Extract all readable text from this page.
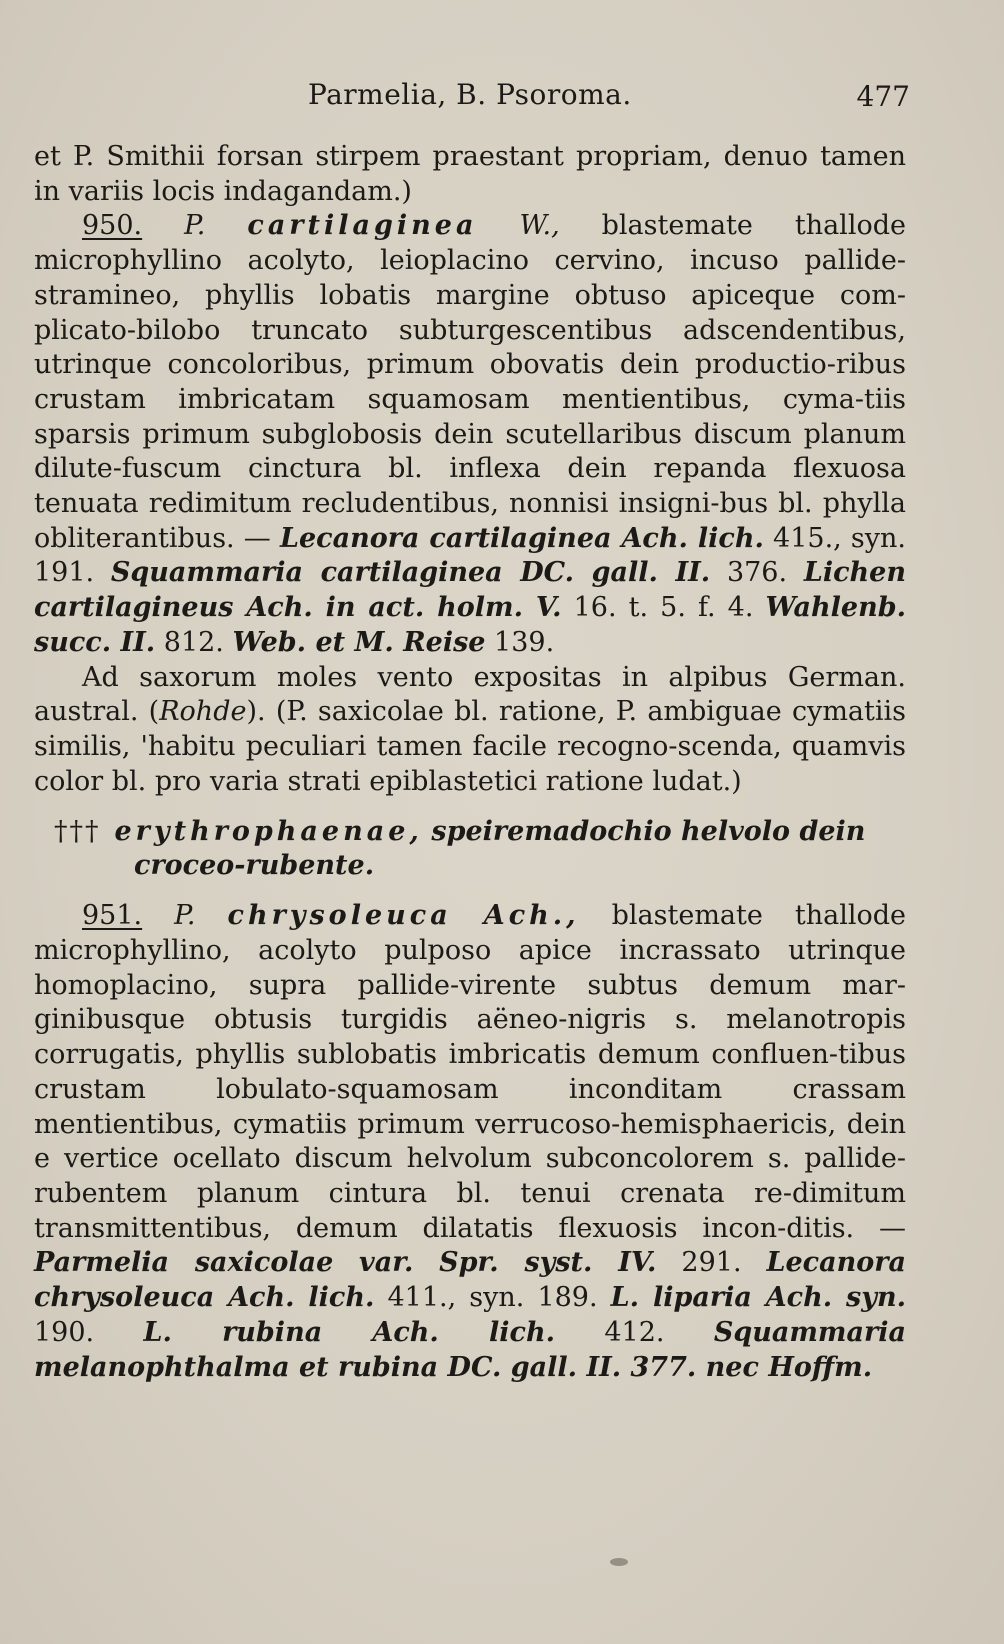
Parmelia, B. Psoroma.	477

et P. Smithii forsan stirpem praestant propriam, denuo tamen in variis locis indagandam.)

950. P. cartilaginea W., blastemate thallode microphyllino acolyto, leioplacino cervino, incuso pallide-stramineo, phyllis lobatis margine obtuso apiceque com-plicato-bilobo truncato subturgescentibus adscendentibus, utrinque concoloribus, primum obovatis dein productio-ribus crustam imbricatam squamosam mentientibus, cyma-tiis sparsis primum subglobosis dein scutellaribus discum planum dilute-fuscum cinctura bl. inflexa dein repanda flexuosa tenuata redimitum recludentibus, nonnisi insigni-bus bl. phylla obliterantibus. — Lecanora cartilaginea Ach. lich. 415., syn. 191. Squammaria cartilaginea DC. gall. II. 376. Lichen cartilagineus Ach. in act. holm. V. 16. t. 5. f. 4. Wahlenb. succ. II. 812. Web. et M. Reise 139.

Ad saxorum moles vento expositas in alpibus German. austral. (Rohde). (P. saxicolae bl. ratione, P. ambiguae cymatiis similis, 'habitu peculiari tamen facile recogno-scenda, quamvis color bl. pro varia strati epiblastetici ratione ludat.)

††† erythrophaenae, speiremadochio helvolo dein croceo-rubente.

951. P. chrysoleuca Ach., blastemate thallode microphyllino, acolyto pulposo apice incrassato utrinque homoplacino, supra pallide-virente subtus demum mar-ginibusque obtusis turgidis aëneo-nigris s. melanotropis corrugatis, phyllis sublobatis imbricatis demum confluen-tibus crustam lobulato-squamosam inconditam crassam mentientibus, cymatiis primum verrucoso-hemisphaericis, dein e vertice ocellato discum helvolum subconcolorem s. pallide-rubentem planum cintura bl. tenui crenata re-dimitum transmittentibus, demum dilatatis flexuosis incon-ditis. — Parmelia saxicolae var. Spr. syst. IV. 291. Lecanora chrysoleuca Ach. lich. 411., syn. 189. L. liparia Ach. syn. 190. L. rubina Ach. lich. 412. Squammaria melanophthalma et rubina DC. gall. II. 377. nec Hoffm.
